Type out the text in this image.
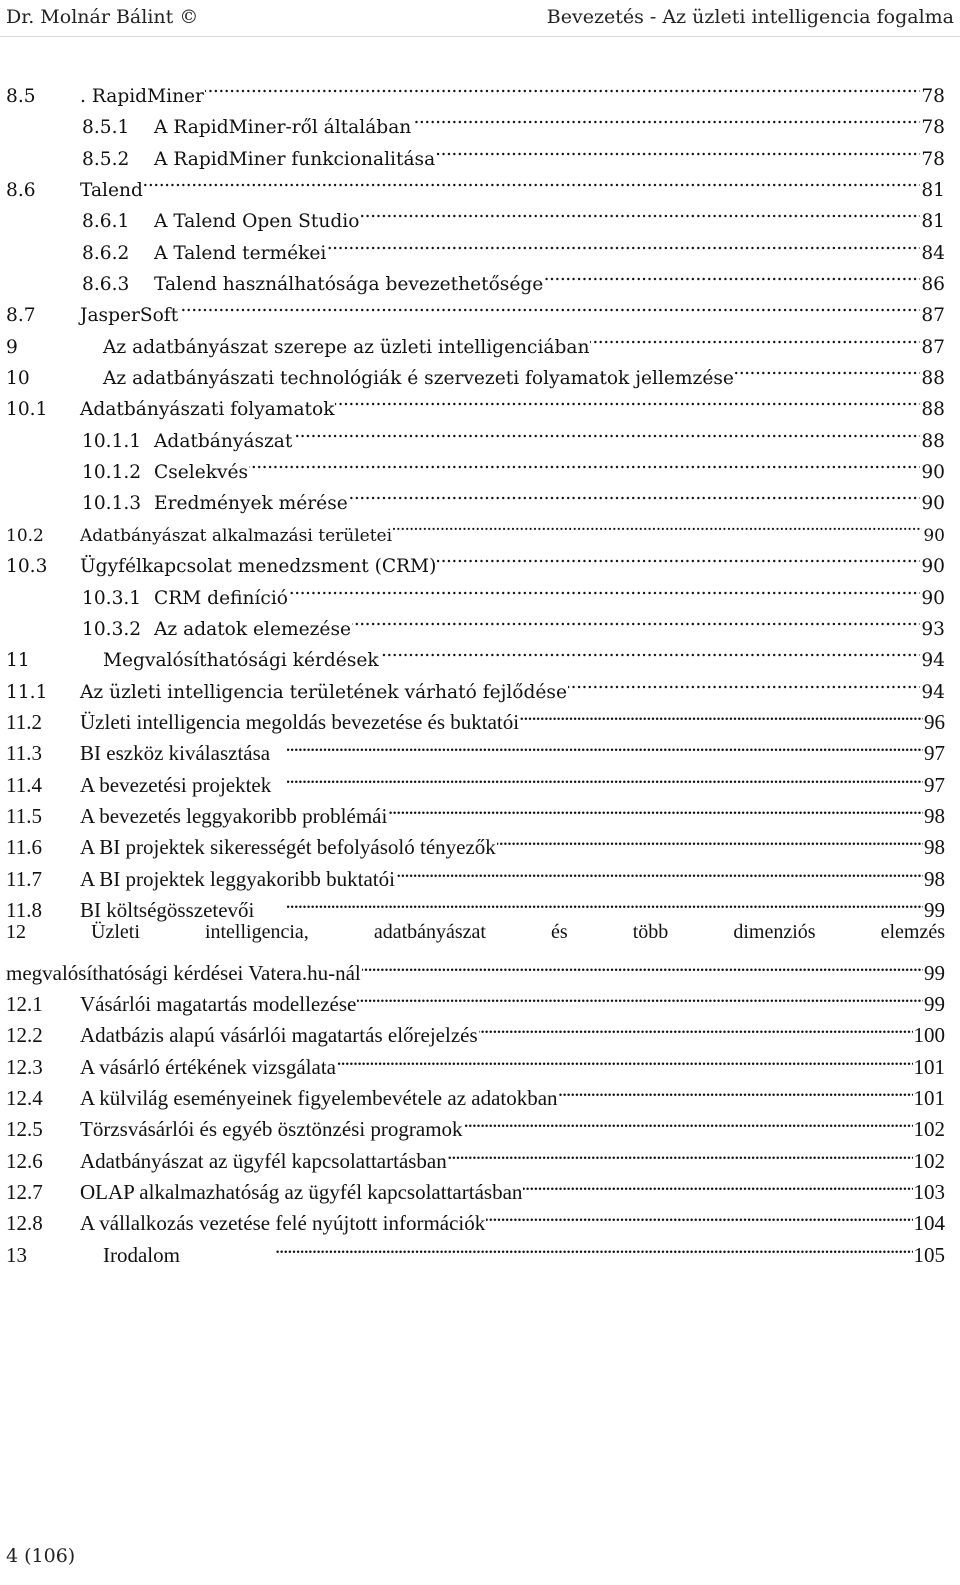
Dr. Molnár Bálint ©	Bevezetés - Az üzleti intelligencia fogalma
8.5	. RapidMiner . . .	78
8.5.1	A RapidMiner-ről általában . . .	78
8.5.2	A RapidMiner funkcionalitása . . .	78
8.6	Talend . . .	81
8.6.1	A Talend Open Studio . . .	81
8.6.2	A Talend termékei . . .	84
8.6.3	Talend használhatósága bevezethetősége . . .	86
8.7	JasperSoft . . .	87
9	Az adatbányászat szerepe az üzleti intelligenciában . . .	87
10	Az adatbányászati technológiák é szervezeti folyamatok jellemzése . . .	88
10.1	Adatbányászati folyamatok . . .	88
10.1.1 Adatbányászat . . .	88
10.1.2 Cselekvés . . .	90
10.1.3 Eredmények mérése . . .	90
10.2	Adatbányászat alkalmazási területei . . .	90
10.3	Ügyfélkapcsolat menedzsment (CRM) . . .	90
10.3.1 CRM definíció . . .	90
10.3.2 Az adatok elemezése . . .	93
11	Megvalósíthatósági kérdések . . .	94
11.1	Az üzleti intelligencia területének várható fejlődése . . .	94
11.2	Üzleti intelligencia megoldás bevezetése és buktatói . . .	96
11.3	BI eszköz kiválasztása . . .	97
11.4	A bevezetési projektek . . .	97
11.5	A bevezetés leggyakoribb problémái . . .	98
11.6	A BI projektek sikerességét befolyásoló tényezők . . .	98
11.7	A BI projektek leggyakoribb buktatói . . .	98
11.8	BI költségösszetevői . . .	99
12	Üzleti	intelligencia,	adatbányászat	és	több	dimenziós	elemzés
megvalósíthatósági kérdései Vatera.hu-nál . . .	99
12.1	Vásárlói magatartás modellezése . . .	99
12.2	Adatbázis alapú vásárlói magatartás előrejelzés . . .	100
12.3	A vásárló értékének vizsgálata . . .	101
12.4	A külvilág eseményeinek figyelembevétele az adatokban . . .	101
12.5	Törzsvásárlói és egyéb ösztönzési programok . . .	102
12.6	Adatbányászat az ügyfél kapcsolattartásban . . .	102
12.7	OLAP alkalmazhatóság az ügyfél kapcsolattartásban . . .	103
12.8	A vállalkozás vezetése felé nyújtott információk . . .	104
13	Irodalom . . .	105
4 (106)
